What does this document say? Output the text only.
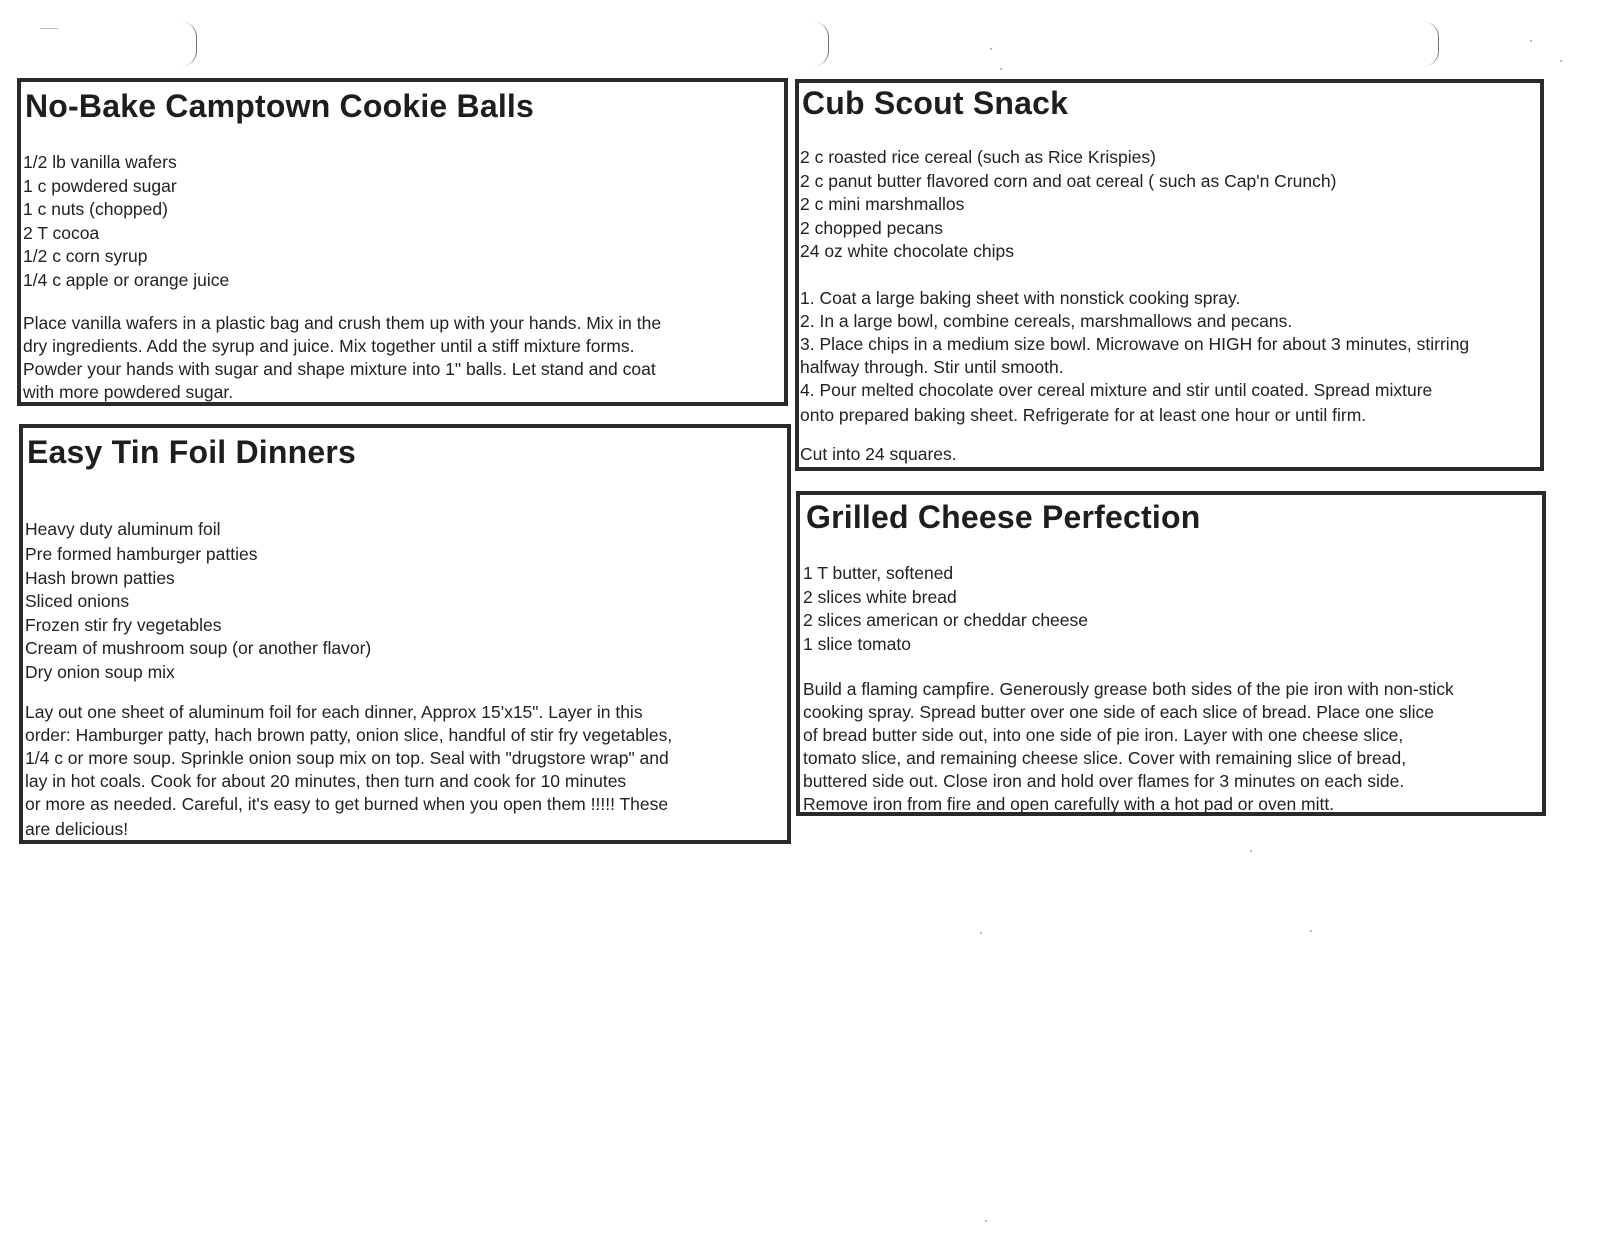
No-Bake Camptown Cookie Balls
1/2 lb vanilla wafers
1 c powdered sugar
1 c nuts (chopped)
2 T cocoa
1/2 c corn syrup
1/4 c apple or orange juice

Place vanilla wafers in a plastic bag and crush them up with your hands. Mix in the

dry ingredients. Add the syrup and juice. Mix together until a stiff mixture forms.

Powder your hands with sugar and shape mixture into 1" balls. Let stand and coat

with more powdered sugar.

Easy Tin Foil Dinners
Heavy duty aluminum foil
Pre formed hamburger patties
Hash brown patties
Sliced onions
Frozen stir fry vegetables
Cream of mushroom soup (or another flavor)
Dry onion soup mix

Lay out one sheet of aluminum foil for each dinner, Approx 15'x15". Layer in this

order: Hamburger patty, hach brown patty, onion slice, handful of stir fry vegetables,

1/4 c or more soup. Sprinkle onion soup mix on top. Seal with "drugstore wrap" and

lay in hot coals. Cook for about 20 minutes, then turn and cook for 10 minutes

or more as needed. Careful, it's easy to get burned when you open them !!!!! These

are delicious!

Cub Scout Snack
2 c roasted rice cereal (such as Rice Krispies)
2 c panut butter flavored corn and oat cereal ( such as Cap'n Crunch)
2 c mini marshmallos
2 chopped pecans
24 oz white chocolate chips

1. Coat a large baking sheet with nonstick cooking spray.

2. In a large bowl, combine cereals, marshmallows and pecans.

3. Place chips in a medium size bowl. Microwave on HIGH for about 3 minutes, stirring

halfway through. Stir until smooth.

4. Pour melted chocolate over cereal mixture and stir until coated. Spread mixture

onto prepared baking sheet. Refrigerate for at least one hour or until firm.

Cut into 24 squares.

Grilled Cheese Perfection
1 T butter, softened
2 slices white bread
2 slices american or cheddar cheese
1 slice tomato

Build a flaming campfire. Generously grease both sides of the pie iron with non-stick

cooking spray. Spread butter over one side of each slice of bread. Place one slice

of bread butter side out, into one side of pie iron. Layer with one cheese slice,

tomato slice, and remaining cheese slice. Cover with remaining slice of bread,

buttered side out. Close iron and hold over flames for 3 minutes on each side.

Remove iron from fire and open carefully with a hot pad or oven mitt.
